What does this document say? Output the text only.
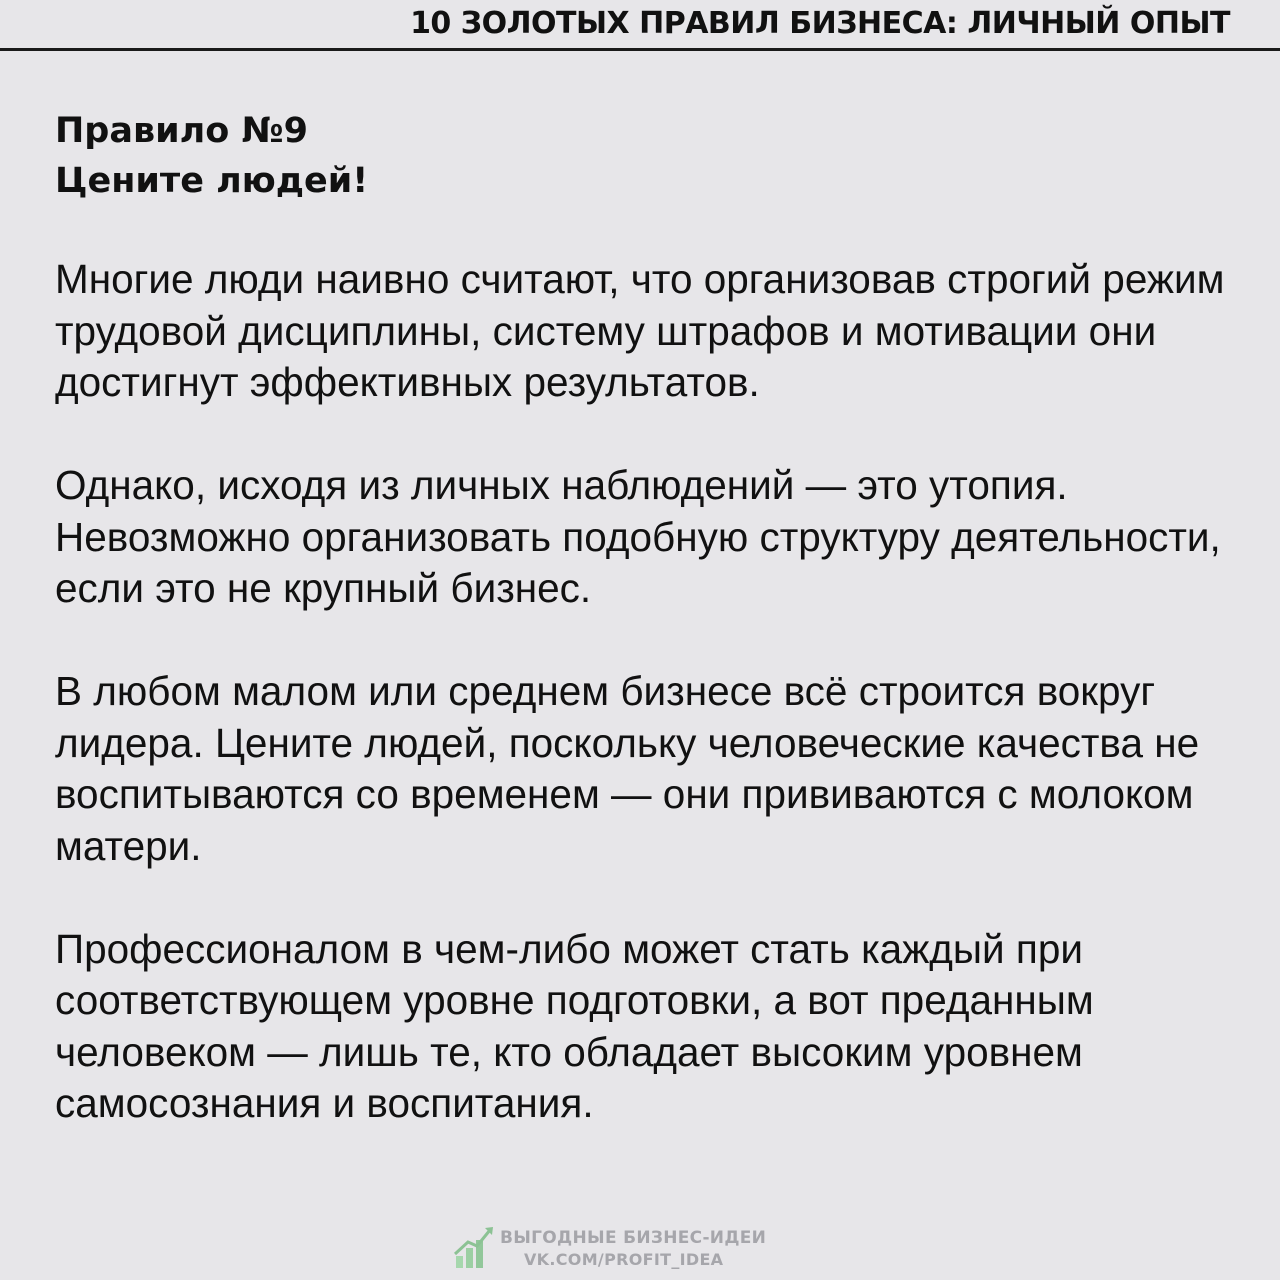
10 ЗОЛОТЫХ ПРАВИЛ БИЗНЕСА: ЛИЧНЫЙ ОПЫТ
Правило №9
Цените людей!

Многие люди наивно считают, что организовав строгий режим трудовой дисциплины, систему штрафов и мотивации они достигнут эффективных результатов.

Однако, исходя из личных наблюдений — это утопия. Невозможно организовать подобную структуру деятельности, если это не крупный бизнес.

В любом малом или среднем бизнесе всё строится вокруг лидера. Цените людей, поскольку человеческие качества не воспитываются со временем — они прививаются с молоком матери.

Профессионалом в чем-либо может стать каждый при соответствующем уровне подготовки, а вот преданным человеком — лишь те, кто обладает высоким уровнем самосознания и воспитания.

ВЫГОДНЫЕ БИЗНЕС-ИДЕИ
VK.COM/PROFIT_IDEA
